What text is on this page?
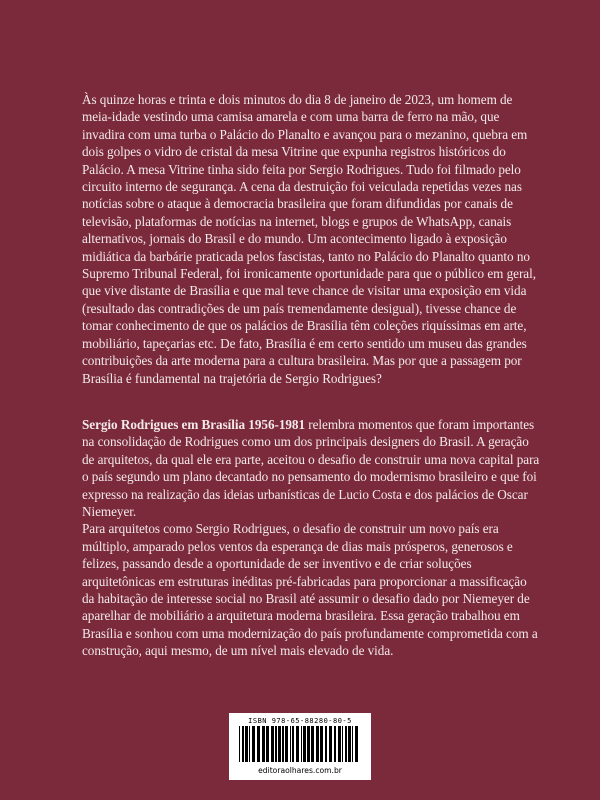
Às quinze horas e trinta e dois minutos do dia 8 de janeiro de 2023, um homem de meia-idade vestindo uma camisa amarela e com uma barra de ferro na mão, que invadira com uma turba o Palácio do Planalto e avançou para o mezanino, quebra em dois golpes o vidro de cristal da mesa Vitrine que expunha registros históricos do Palácio. A mesa Vitrine tinha sido feita por Sergio Rodrigues. Tudo foi filmado pelo circuito interno de segurança. A cena da destruição foi veiculada repetidas vezes nas notícias sobre o ataque à democracia brasileira que foram difundidas por canais de televisão, plataformas de notícias na internet, blogs e grupos de WhatsApp, canais alternativos, jornais do Brasil e do mundo. Um acontecimento ligado à exposição midiática da barbárie praticada pelos fascistas, tanto no Palácio do Planalto quanto no Supremo Tribunal Federal, foi ironicamente oportunidade para que o público em geral, que vive distante de Brasília e que mal teve chance de visitar uma exposição em vida (resultado das contradições de um país tremendamente desigual), tivesse chance de tomar conhecimento de que os palácios de Brasília têm coleções riquíssimas em arte, mobiliário, tapeçarias etc. De fato, Brasília é em certo sentido um museu das grandes contribuições da arte moderna para a cultura brasileira. Mas por que a passagem por Brasília é fundamental na trajetória de Sergio Rodrigues?

Sergio Rodrigues em Brasília 1956-1981 relembra momentos que foram importantes na consolidação de Rodrigues como um dos principais designers do Brasil. A geração de arquitetos, da qual ele era parte, aceitou o desafio de construir uma nova capital para o país segundo um plano decantado no pensamento do modernismo brasileiro e que foi expresso na realização das ideias urbanísticas de Lucio Costa e dos palácios de Oscar Niemeyer.

Para arquitetos como Sergio Rodrigues, o desafio de construir um novo país era múltiplo, amparado pelos ventos da esperança de dias mais prósperos, generosos e felizes, passando desde a oportunidade de ser inventivo e de criar soluções arquitetônicas em estruturas inéditas pré-fabricadas para proporcionar a massificação da habitação de interesse social no Brasil até assumir o desafio dado por Niemeyer de aparelhar de mobiliário a arquitetura moderna brasileira. Essa geração trabalhou em Brasília e sonhou com uma modernização do país profundamente comprometida com a construção, aqui mesmo, de um nível mais elevado de vida.

ISBN 978-65-88280-80-5
editoraolhares.com.br
